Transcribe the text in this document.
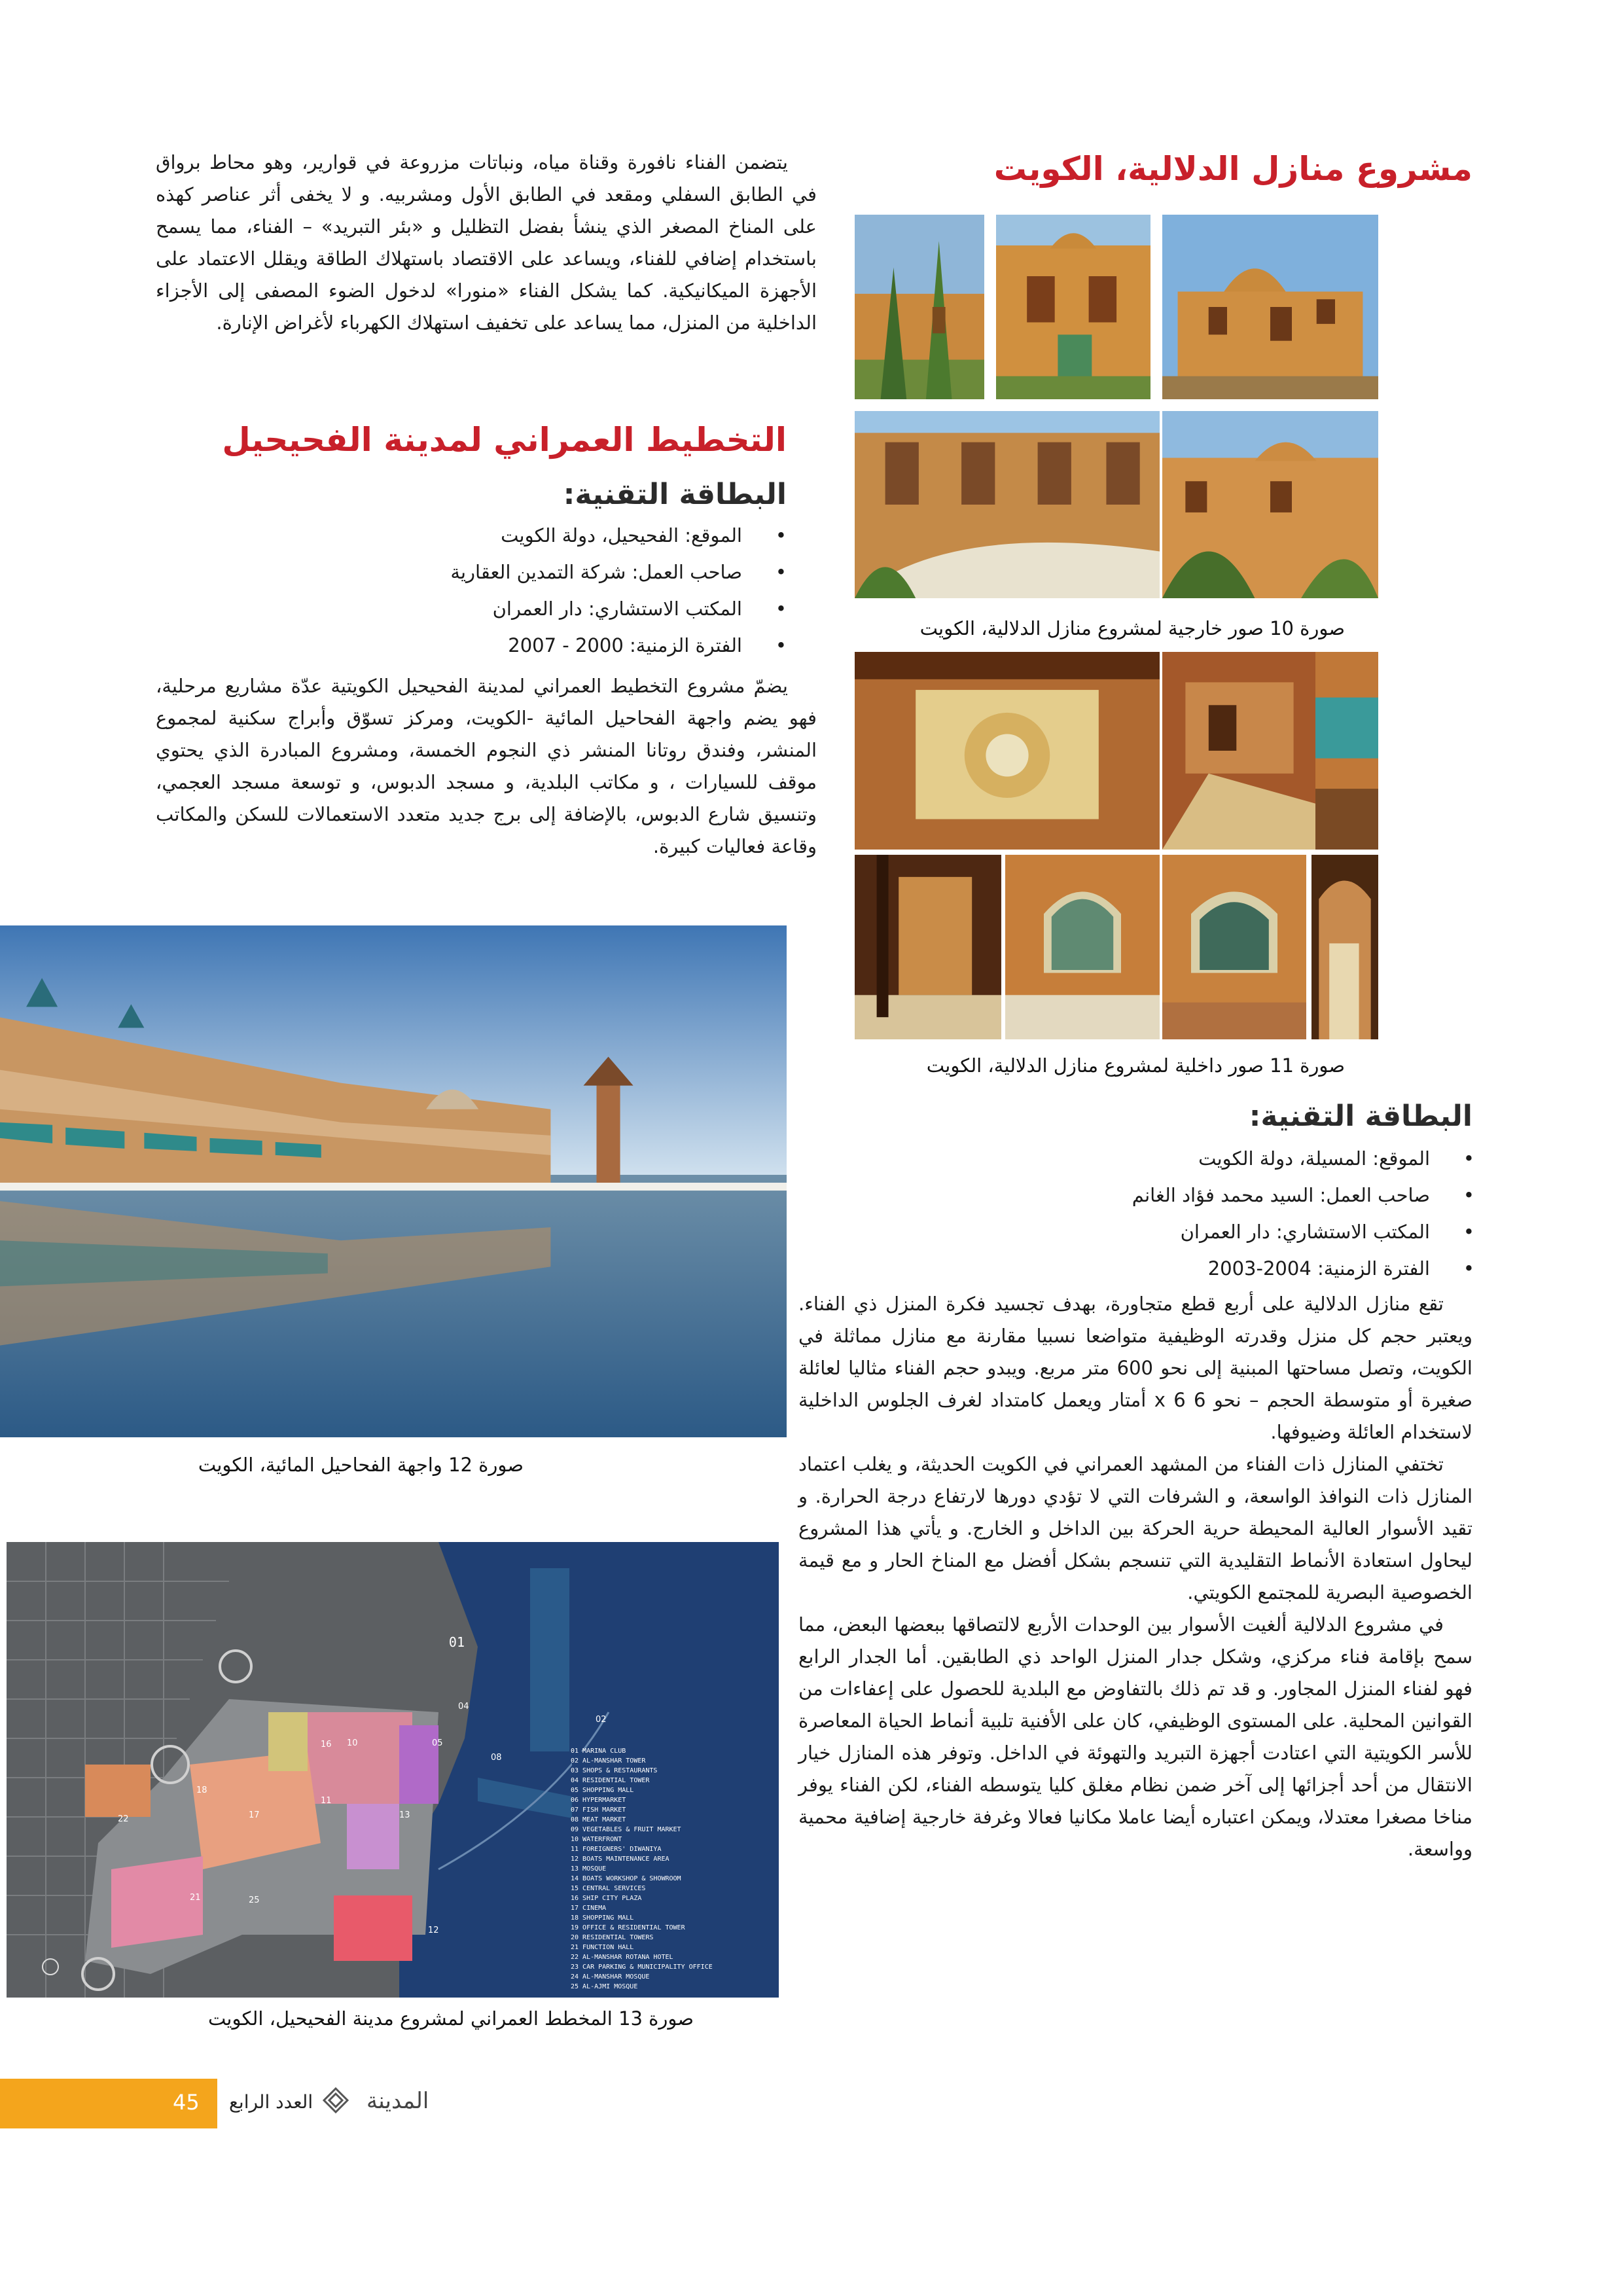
مشروع منازل الدلالية، الكويت
صورة 10 صور خارجية لمشروع منازل الدلالية، الكويت
صورة 11 صور داخلية لمشروع منازل الدلالية، الكويت
البطاقة التقنية:
• الموقع: المسيلة، دولة الكويت
• صاحب العمل: السيد محمد فؤاد الغانم
• المكتب الاستشاري: دار العمران
• الفترة الزمنية: 2004-2003

تقع منازل الدلالية على أربع قطع متجاورة، بهدف تجسيد فكرة المنزل ذي الفناء. ويعتبر حجم كل منزل وقدرته الوظيفية متواضعا نسبيا مقارنة مع منازل مماثلة في الكويت، وتصل مساحتها المبنية إلى نحو 600 متر مربع. ويبدو حجم الفناء مثاليا لعائلة صغيرة أو متوسطة الحجم – نحو 6 x 6 أمتار ويعمل كامتداد لغرف الجلوس الداخلية لاستخدام العائلة وضيوفها.

تختفي المنازل ذات الفناء من المشهد العمراني في الكويت الحديثة، و يغلب اعتماد المنازل ذات النوافذ الواسعة، و الشرفات التي لا تؤدي دورها لارتفاع درجة الحرارة. و تقيد الأسوار العالية المحيطة حرية الحركة بين الداخل و الخارج. و يأتي هذا المشروع ليحاول استعادة الأنماط التقليدية التي تنسجم بشكل أفضل مع المناخ الحار و مع قيمة الخصوصية البصرية للمجتمع الكويتي.

في مشروع الدلالية ألغيت الأسوار بين الوحدات الأربع لالتصاقها ببعضها البعض، مما سمح بإقامة فناء مركزي، وشكل جدار المنزل الواحد ذي الطابقين. أما الجدار الرابع فهو لفناء المنزل المجاور. و قد تم ذلك بالتفاوض مع البلدية للحصول على إعفاءات من القوانين المحلية. على المستوى الوظيفي، كان على الأفنية تلبية أنماط الحياة المعاصرة للأسر الكويتية التي اعتادت أجهزة التبريد والتهوئة في الداخل. وتوفر هذه المنازل خيار الانتقال من أحد أجزائها إلى آخر ضمن نظام مغلق كليا يتوسطه الفناء، لكن الفناء يوفر مناخا مصغرا معتدلا، ويمكن اعتباره أيضا عاملا مكانيا فعالا وغرفة خارجية إضافية محمية وواسعة.

يتضمن الفناء نافورة وقناة مياه، ونباتات مزروعة في قوارير، وهو محاط برواق في الطابق السفلي ومقعد في الطابق الأول ومشربيه. و لا يخفى أثر عناصر كهذه على المناخ المصغر الذي ينشأ بفضل التظليل و «بئر التبريد» – الفناء، مما يسمح باستخدام إضافي للفناء، ويساعد على الاقتصاد باستهلاك الطاقة ويقلل الاعتماد على الأجهزة الميكانيكية. كما يشكل الفناء «منورا» لدخول الضوء المصفى إلى الأجزاء الداخلية من المنزل، مما يساعد على تخفيف استهلاك الكهرباء لأغراض الإنارة.

التخطيط العمراني لمدينة الفحيحيل
البطاقة التقنية:
• الموقع: الفحيحيل، دولة الكويت
• صاحب العمل: شركة التمدين العقارية
• المكتب الاستشاري: دار العمران
• الفترة الزمنية: 2000 - 2007

يضمّ مشروع التخطيط العمراني لمدينة الفحيحيل الكويتية عدّة مشاريع مرحلية، فهو يضم واجهة الفحاحيل المائية -الكويت، ومركز تسوّق وأبراج سكنية لمجموع المنشر، وفندق روتانا المنشر ذي النجوم الخمسة، ومشروع المبادرة الذي يحتوي موقف للسيارات ، و مكاتب البلدية، و مسجد الدبوس، و توسعة مسجد العجمي، وتنسيق شارع الدبوس، بالإضافة إلى برج جديد متعدد الاستعمالات للسكن والمكاتب وقاعة فعاليات كبيرة.

صورة 12 واجهة الفحاحيل المائية، الكويت
01
01 MARINA CLUB
02 AL-MANSHAR TOWER
03 SHOPS & RESTAURANTS
04 RESIDENTIAL TOWER
05 SHOPPING MALL
06 HYPERMARKET
07 FISH MARKET
08 MEAT MARKET
09 VEGETABLES & FRUIT MARKET
10 WATERFRONT
11 FOREIGNERS' DIWANIYA
12 BOATS MAINTENANCE AREA
13 MOSQUE
14 BOATS WORKSHOP & SHOWROOM
15 CENTRAL SERVICES
16 SHIP CITY PLAZA
17 CINEMA
18 SHOPPING MALL
19 OFFICE & RESIDENTIAL TOWER
20 RESIDENTIAL TOWERS
21 FUNCTION HALL
22 AL-MANSHAR ROTANA HOTEL
23 CAR PARKING & MUNICIPALITY OFFICE
24 AL-MANSHAR MOSQUE
25 AL-AJMI MOSQUE
04
05
08
10
11
12
13
16
17
18
21
22
25
02
صورة 13 المخطط العمراني لمشروع مدينة الفحيحيل، الكويت
45 العدد الرابع المدينة
